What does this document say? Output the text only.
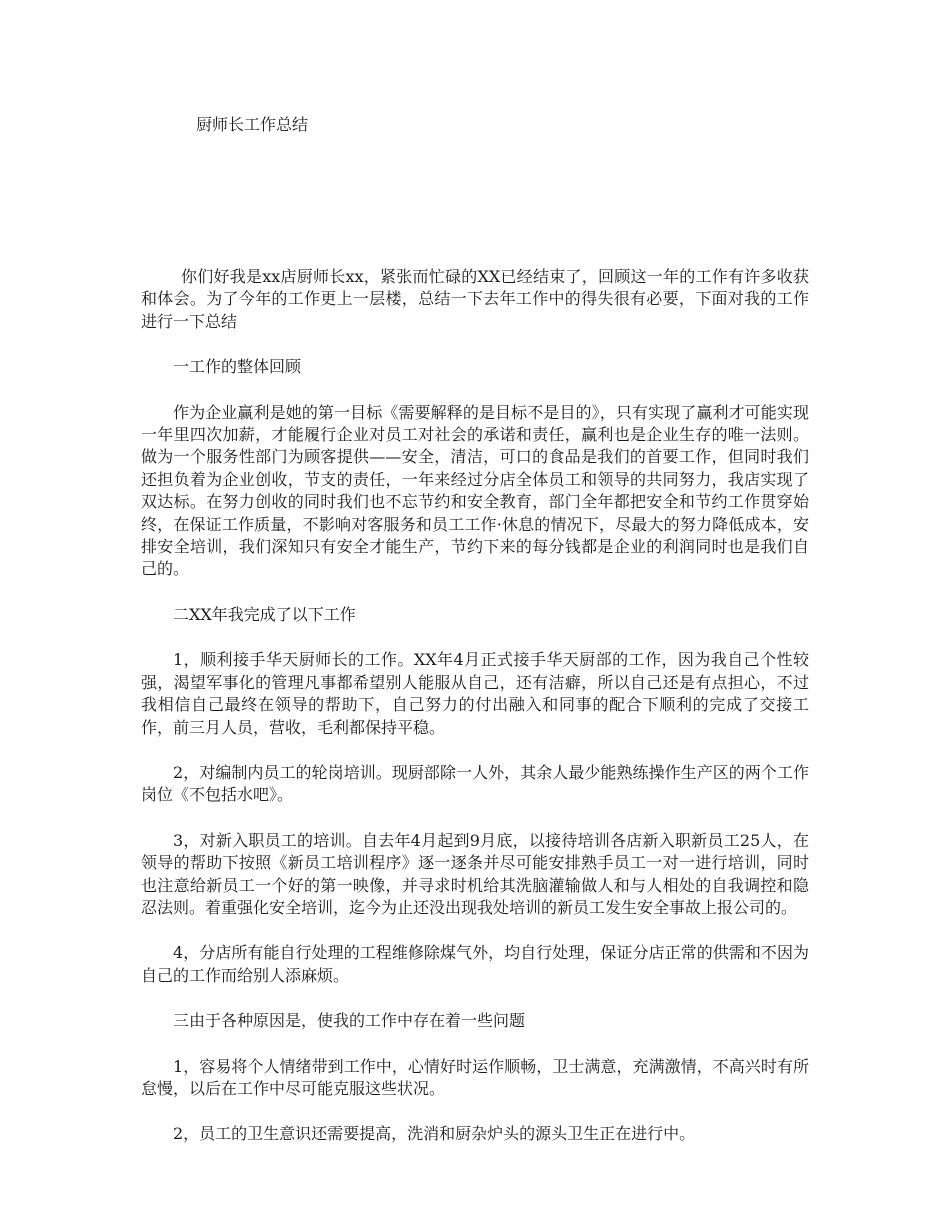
厨师长工作总结

你们好我是xx店厨师长xx，紧张而忙碌的XX已经结束了，回顾这一年的工作有许多收获和体会。为了今年的工作更上一层楼，总结一下去年工作中的得失很有必要，下面对我的工作进行一下总结

一工作的整体回顾

作为企业赢利是她的第一目标《需要解释的是目标不是目的》，只有实现了赢利才可能实现一年里四次加薪，才能履行企业对员工对社会的承诺和责任，赢利也是企业生存的唯一法则。做为一个服务性部门为顾客提供——安全，清洁，可口的食品是我们的首要工作，但同时我们还担负着为企业创收，节支的责任，一年来经过分店全体员工和领导的共同努力，我店实现了双达标。在努力创收的同时我们也不忘节约和安全教育，部门全年都把安全和节约工作贯穿始终，在保证工作质量，不影响对客服务和员工工作·休息的情况下，尽最大的努力降低成本，安排安全培训，我们深知只有安全才能生产，节约下来的每分钱都是企业的利润同时也是我们自己的。

二XX年我完成了以下工作

1，顺利接手华天厨师长的工作。XX年4月正式接手华天厨部的工作，因为我自己个性较强，渴望军事化的管理凡事都希望别人能服从自己，还有洁癖，所以自己还是有点担心，不过我相信自己最终在领导的帮助下，自己努力的付出融入和同事的配合下顺利的完成了交接工作，前三月人员，营收，毛利都保持平稳。

2，对编制内员工的轮岗培训。现厨部除一人外，其余人最少能熟练操作生产区的两个工作岗位《不包括水吧》。

3，对新入职员工的培训。自去年4月起到9月底，以接待培训各店新入职新员工25人，在领导的帮助下按照《新员工培训程序》逐一逐条并尽可能安排熟手员工一对一进行培训，同时也注意给新员工一个好的第一映像，并寻求时机给其洗脑灌输做人和与人相处的自我调控和隐忍法则。着重强化安全培训，迄今为止还没出现我处培训的新员工发生安全事故上报公司的。

4，分店所有能自行处理的工程维修除煤气外，均自行处理，保证分店正常的供需和不因为自己的工作而给别人添麻烦。

三由于各种原因是，使我的工作中存在着一些问题

1，容易将个人情绪带到工作中，心情好时运作顺畅，卫士满意，充满激情，不高兴时有所怠慢，以后在工作中尽可能克服这些状况。

2，员工的卫生意识还需要提高，洗消和厨杂炉头的源头卫生正在进行中。
